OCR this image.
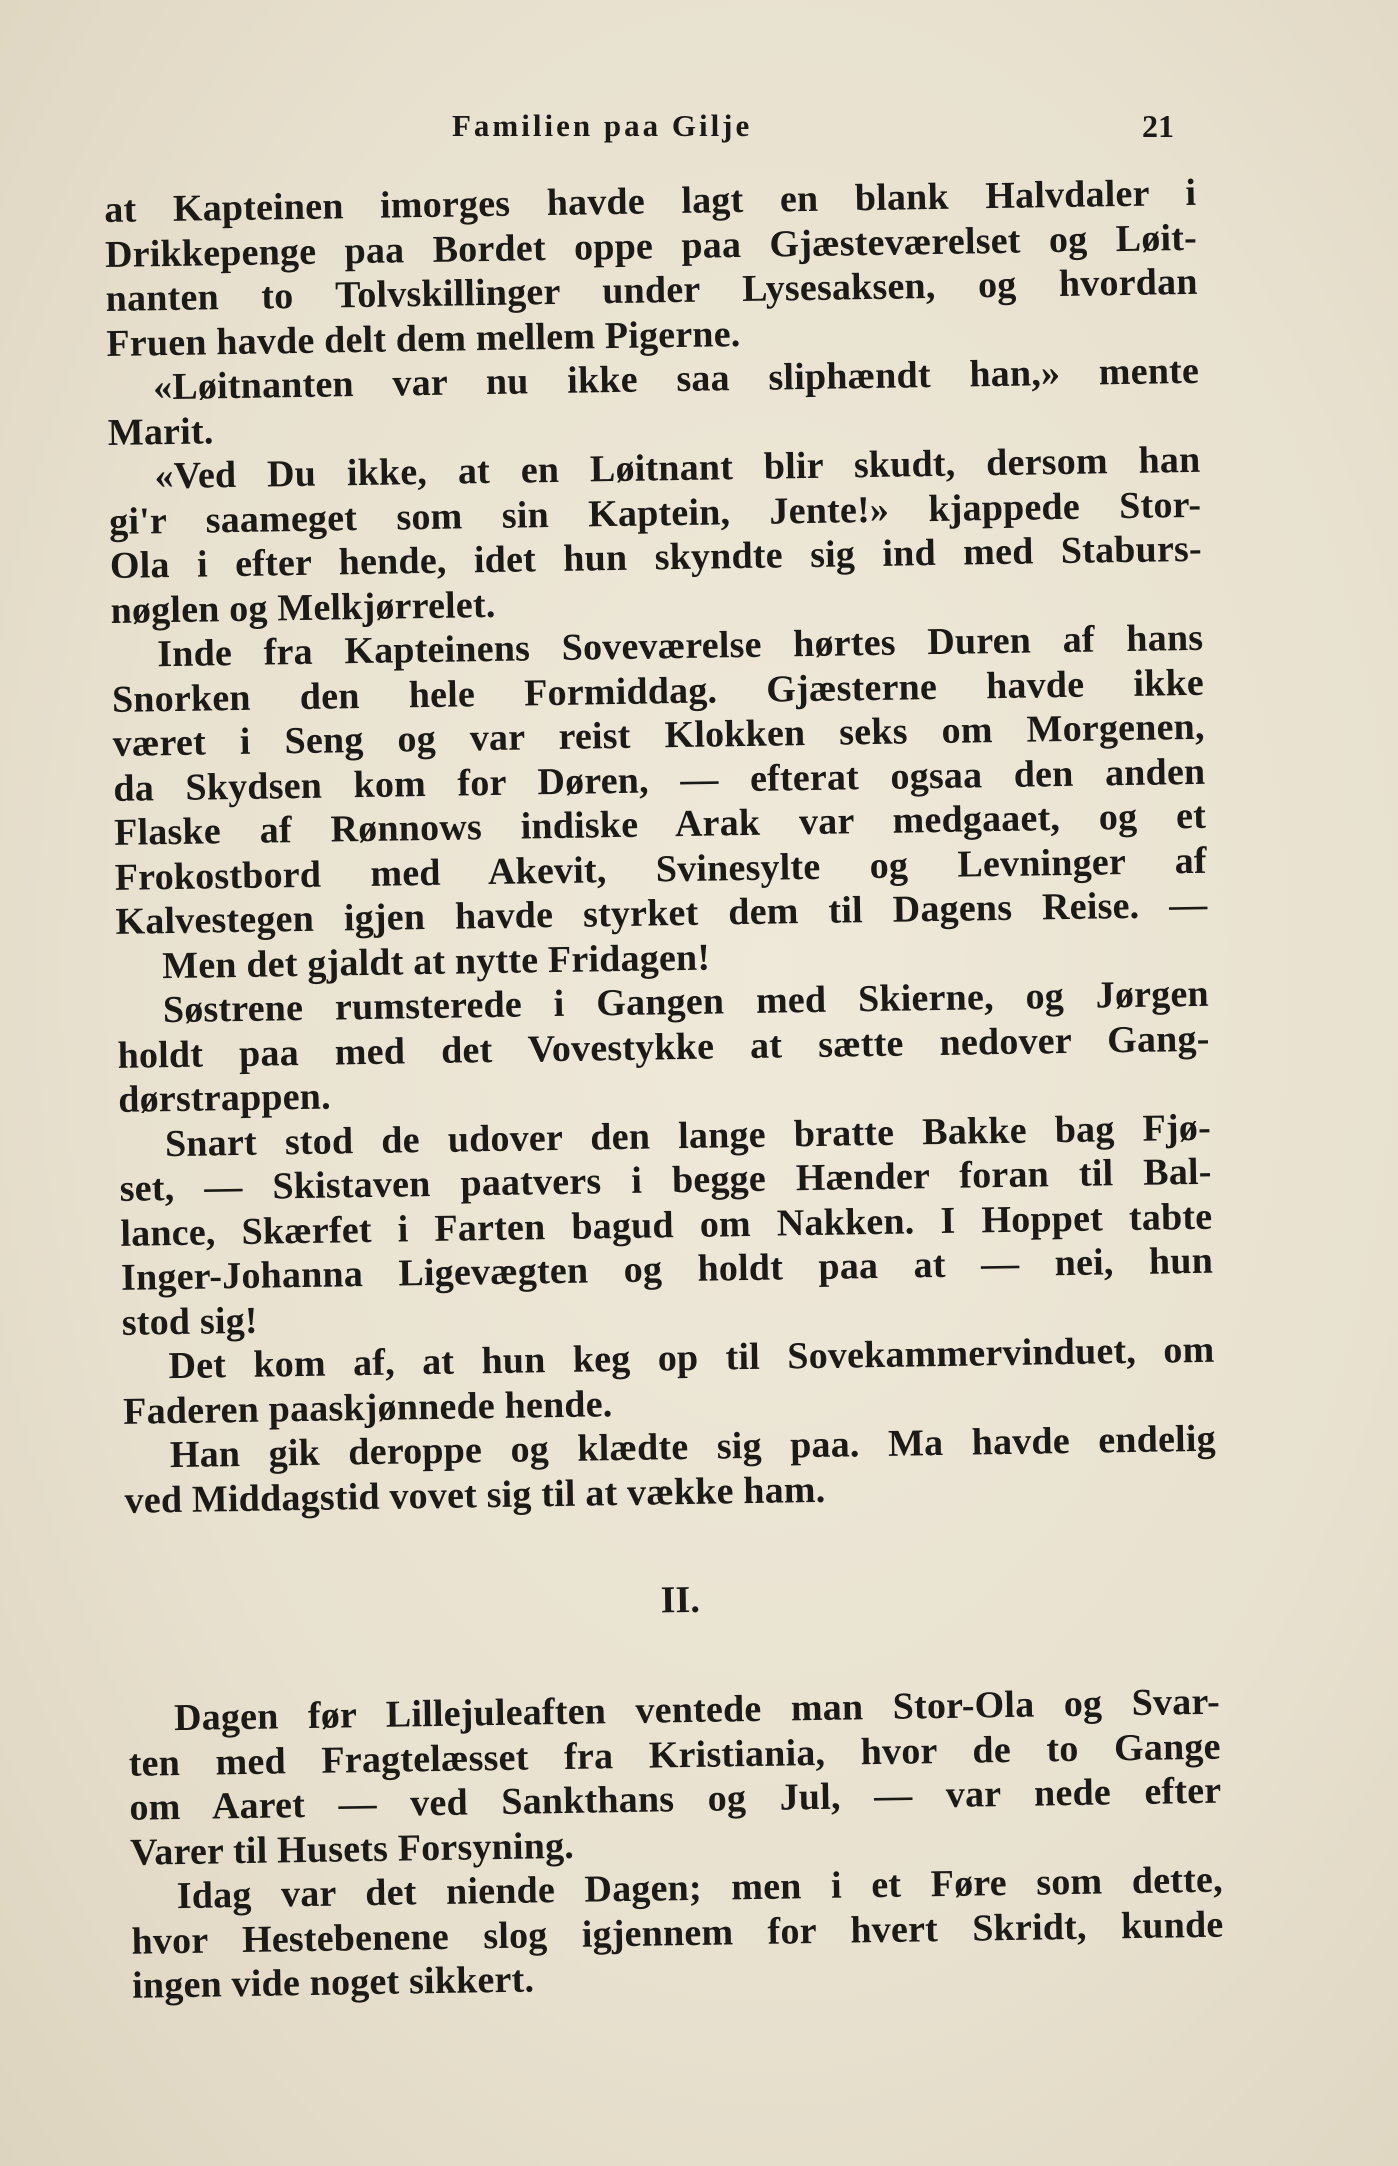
Familien paa Gilje	21
at Kapteinen imorges havde lagt en blank Halvdaler i
Drikkepenge paa Bordet oppe paa Gjæsteværelset og Løit-
nanten to Tolvskillinger under Lysesaksen, og hvordan
Fruen havde delt dem mellem Pigerne.
«Løitnanten var nu ikke saa sliphændt han,» mente
Marit.
«Ved Du ikke, at en Løitnant blir skudt, dersom han
gi'r saameget som sin Kaptein, Jente!» kjappede Stor-
Ola i efter hende, idet hun skyndte sig ind med Staburs-
nøglen og Melkjørrelet.
Inde fra Kapteinens Soveværelse hørtes Duren af hans
Snorken den hele Formiddag. Gjæsterne havde ikke
været i Seng og var reist Klokken seks om Morgenen,
da Skydsen kom for Døren, — efterat ogsaa den anden
Flaske af Rønnows indiske Arak var medgaaet, og et
Frokostbord med Akevit, Svinesylte og Levninger af
Kalvestegen igjen havde styrket dem til Dagens Reise. —
Men det gjaldt at nytte Fridagen!
Søstrene rumsterede i Gangen med Skierne, og Jørgen
holdt paa med det Vovestykke at sætte nedover Gang-
dørstrappen.
Snart stod de udover den lange bratte Bakke bag Fjø-
set, — Skistaven paatvers i begge Hænder foran til Bal-
lance, Skærfet i Farten bagud om Nakken. I Hoppet tabte
Inger-Johanna Ligevægten og holdt paa at — nei, hun
stod sig!
Det kom af, at hun keg op til Sovekammervinduet, om
Faderen paaskjønnede hende.
Han gik deroppe og klædte sig paa. Ma havde endelig
ved Middagstid vovet sig til at vække ham.
II.
Dagen før Lillejuleaften ventede man Stor-Ola og Svar-
ten med Fragtelæsset fra Kristiania, hvor de to Gange
om Aaret — ved Sankthans og Jul, — var nede efter
Varer til Husets Forsyning.
Idag var det niende Dagen; men i et Føre som dette,
hvor Hestebenene slog igjennem for hvert Skridt, kunde
ingen vide noget sikkert.
